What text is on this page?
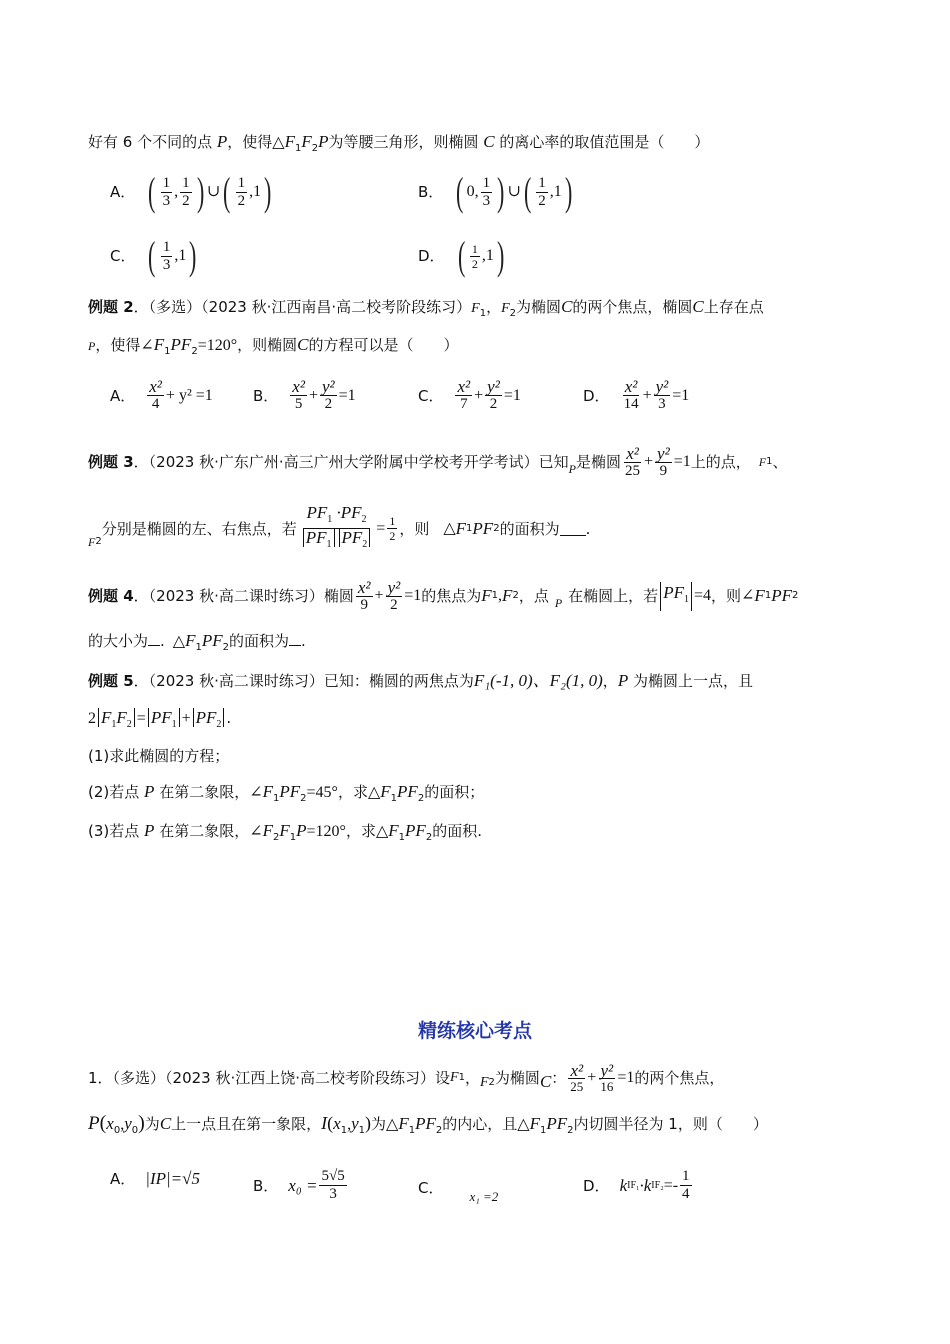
好有 6 个不同的点 P，使得$\triangle F_1F_2P$为等腰三角形，则椭圆 C 的离心率的取值范围是（　　）
A． ( $\frac{1}{3}$ , $\frac{1}{2}$ ) ∪ ( $\frac{1}{2}$ , 1 )	B． ( 0 , $\frac{1}{3}$ ) ∪ ( $\frac{1}{2}$ , 1 )
C． ( $\frac{1}{3}$ , 1 )	D． ( $\frac{1}{2}$ , 1 )
例题 2．（多选）（2023 秋·江西南昌·高二校考阶段练习）$F_1$，$F_2$为椭圆C的两个焦点，椭圆C上存在点
P，使得$\angle F_1PF_2=120^\circ$，则椭圆C的方程可以是（　　）
A． $\frac{\text{x²}}{4} + y^2 =1$	B． $\frac{\text{x²}}{5} + \frac{\text{y²}}{2} =1$	C． $\frac{\text{x²}}{7} + \frac{\text{y²}}{2} =1$	D． $\frac{\text{x²}}{14} + \frac{\text{y²}}{3} =1$
例题 3 ．（2023 秋·广东广州·高三广州大学附属中学校考开学考试）已知 P 是椭圆 $\frac{\text{x²}}{25} + \frac{\text{y²}}{9} =1$ 上的点， F 1 、
F 2
分别是椭圆的左、右焦点，若 $\frac{PF_1 \cdot PF_2}{PF_1 PF_2} = \frac{1}{2}$ ，则 △ F 1 PF 2 的面积为 .
例题 4 ．（2023 秋·高二课时练习）椭圆 $\frac{\text{x²}}{9} + \frac{\text{y²}}{2} =1$ 的焦点为 F 1 , F 2 ，点 P 在椭圆上，若 $PF_1 =4$ ，则 ∠ F 1 PF 2
的大小为 . $\triangle F_1PF_2$的面积为 .
例题 5．（2023 秋·高二课时练习）已知：椭圆的两焦点为F₁(-1, 0)、F₂(1, 0)，P 为椭圆上一点，且
2 $F_1F_2 = PF_1 + PF_2$ .
(1)求此椭圆的方程；
(2)若点 P 在第二象限，$\angle F_1PF_2=45^\circ$，求$\triangle F_1PF_2$的面积；
(3)若点 P 在第二象限，$\angle F_2F_1P=120^\circ$，求$\triangle F_1PF_2$的面积.
精练核心考点
1 ．（多选）（2023 秋·江西上饶·高二校考阶段练习）设 F 1 ， F 2 为椭圆 C ： $\frac{\text{x²}}{25} + \frac{\text{y²}}{16} =1$ 的两个焦点，
$P(x_0,y_0)$为C上一点且在第一象限，$I(x_1,y_1)$为$\triangle F_1PF_2$的内心，且$\triangle F_1PF_2$内切圆半径为 1，则（　　）
A． |IP|=√5	B． $x_0 = \frac{5√5}{3}$	C． x₁ =2
D． k IF₁ ·k $IF_2 =- \frac{1}{4}$
